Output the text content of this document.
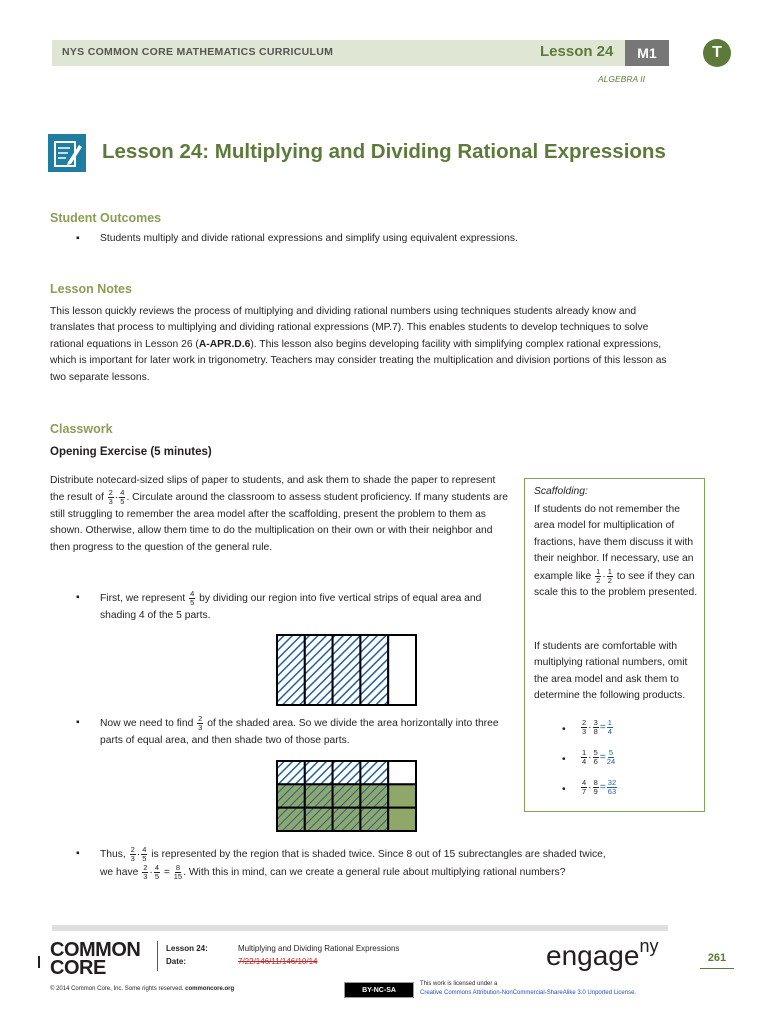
NYS COMMON CORE MATHEMATICS CURRICULUM	Lesson 24	M1	T
ALGEBRA II
Lesson 24: Multiplying and Dividing Rational Expressions
Student Outcomes
▪ Students multiply and divide rational expressions and simplify using equivalent expressions.
Lesson Notes
This lesson quickly reviews the process of multiplying and dividing rational numbers using techniques students already know and translates that process to multiplying and dividing rational expressions (MP.7). This enables students to develop techniques to solve rational equations in Lesson 26 (A-APR.D.6). This lesson also begins developing facility with simplifying complex rational expressions, which is important for later work in trigonometry. Teachers may consider treating the multiplication and division portions of this lesson as two separate lessons.
Classwork
Opening Exercise (5 minutes)
Distribute notecard-sized slips of paper to students, and ask them to shade the paper to represent the result of $\frac{2}{3} \cdot \frac{4}{5}$ . Circulate around the classroom to assess student proficiency. If many students are still struggling to remember the area model after the scaffolding, present the problem to them as shown. Otherwise, allow them time to do the multiplication on their own or with their neighbor and then progress to the question of the general rule.
▪ First, we represent $\frac{4}{5}$ by dividing our region into five vertical strips of equal area and shading 4 of the 5 parts.
▪ Now we need to find $\frac{2}{3}$ of the shaded area. So we divide the area horizontally into three parts of equal area, and then shade two of those parts.
▪ Thus, $\frac{2}{3} \cdot \frac{4}{5}$ is represented by the region that is shaded twice. Since 8 out of 15 subrectangles are shaded twice,
we have $\frac{2}{3} \cdot \frac{4}{5} = \frac{8}{15}$ . With this in mind, can we create a general rule about multiplying rational numbers?
Scaffolding:
If students do not remember the area model for multiplication of fractions, have them discuss it with their neighbor. If necessary, use an example like $\frac{1}{2} \cdot \frac{1}{2}$ to see if they can scale this to the problem presented.
If students are comfortable with multiplying rational numbers, omit the area model and ask them to determine the following products.
• $\frac{2}{3} \cdot \frac{3}{8} = \frac{1}{4}$
• $\frac{1}{4} \cdot \frac{5}{6} = \frac{5}{24}$
• $\frac{4}{7} \cdot \frac{8}{9} = \frac{32}{63}$
COMMON
CORE
Lesson 24:	Multiplying and Dividing Rational Expressions
Date:	7/22/146/11/146/10/14	engage$^{ny}$
261
© 2014 Common Core, Inc. Some rights reserved. commoncore.org	BY-NC-SA
This work is licensed under a
Creative Commons Attribution-NonCommercial-ShareAlike 3.0 Unported License.
